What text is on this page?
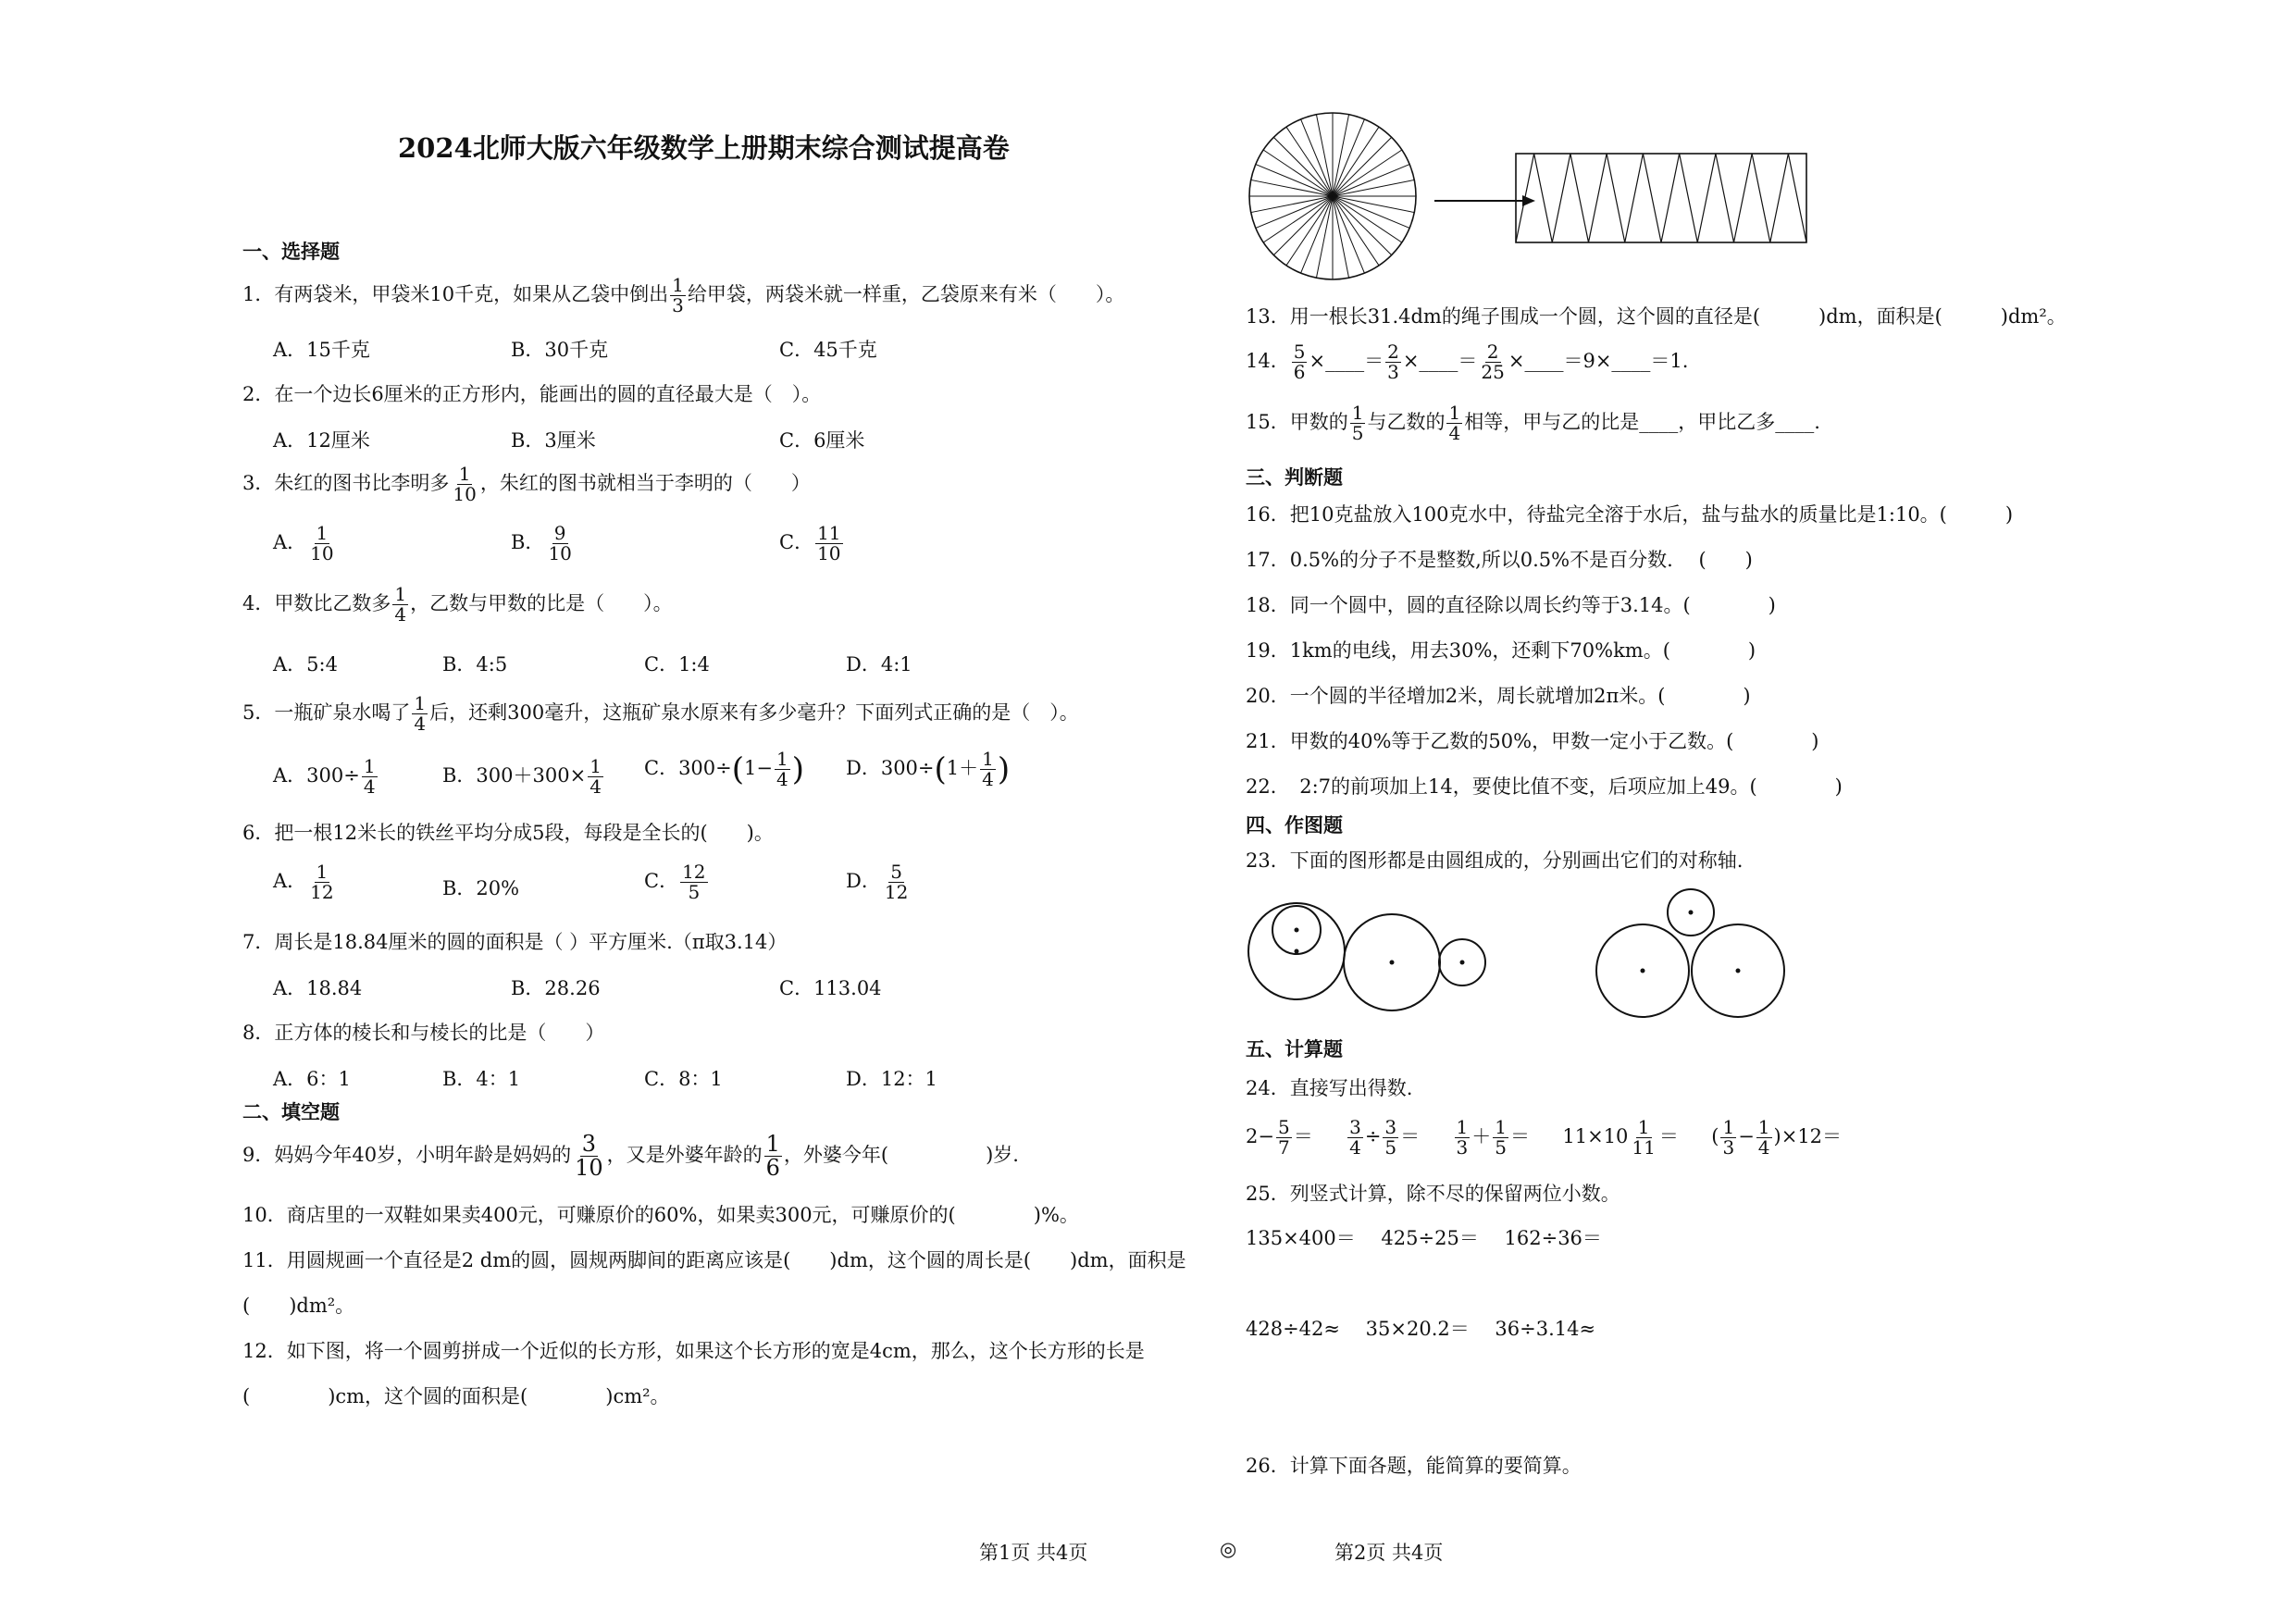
2024北师大版六年级数学上册期末综合测试提高卷
一、选择题
1．有两袋米，甲袋米10千克，如果从乙袋中倒出 $\frac{1}{3}$ 给甲袋，两袋米就一样重，乙袋原来有米（　　）。
A．15千克	B．30千克	C．45千克
2．在一个边长6厘米的正方形内，能画出的圆的直径最大是（　）。
A．12厘米	B．3厘米	C．6厘米
3．朱红的图书比李明多 $\frac{1}{10}$ ，朱红的图书就相当于李明的（　　）
A． $\frac{1}{10}$	B． $\frac{9}{10}$	C． $\frac{11}{10}$
4．甲数比乙数多 $\frac{1}{4}$ ，乙数与甲数的比是（　　）。
A．5:4	B．4:5	C．1:4	D．4:1
5．一瓶矿泉水喝了 $\frac{1}{4}$ 后，还剩300毫升，这瓶矿泉水原来有多少毫升？下面列式正确的是（　）。
A．$300\div \frac{1}{4}$	B．$300+300\times \frac{1}{4}$ C．$300\div(1- \frac{1}{4}$ ) D．$300\div(1+ \frac{1}{4}$ )
6．把一根12米长的铁丝平均分成5段，每段是全长的(　　)。
A． $\frac{1}{12}$	B．20%	C． $\frac{12}{5}$	D． $\frac{5}{12}$
7．周长是18.84厘米的圆的面积是（ ）平方厘米.（π取3.14）
A．18.84	B．28.26	C．113.04
8．正方体的棱长和与棱长的比是（　　）
A．6：1	B．4：1	C．8：1	D．12：1
二、填空题
9．妈妈今年40岁，小明年龄是妈妈的 $\frac{3}{10}$ ，又是外婆年龄的 $\frac{1}{6}$ ，外婆今年(　　　　　)岁.
10．商店里的一双鞋如果卖400元，可赚原价的60%，如果卖300元，可赚原价的(　　　　)%。
11．用圆规画一个直径是2 dm的圆，圆规两脚间的距离应该是(　　)dm，这个圆的周长是(　　)dm，面积是
(　　)dm²。
12．如下图，将一个圆剪拼成一个近似的长方形，如果这个长方形的宽是4cm，那么，这个长方形的长是
(　　　　)cm，这个圆的面积是(　　　　)cm²。
13．用一根长31.4dm的绳子围成一个圆，这个圆的直径是(　　　)dm，面积是(　　　)dm²。
14． $\frac{5}{6}$ ×____＝ $\frac{2}{3}$ ×____＝ $\frac{2}{25}$ ×____＝9×____＝1.
15．甲数的 $\frac{1}{5}$ 与乙数的 $\frac{1}{4}$ 相等，甲与乙的比是____，甲比乙多____.
三、判断题
16．把10克盐放入100克水中，待盐完全溶于水后，盐与盐水的质量比是1:10。(　　　)
17．0.5%的分子不是整数,所以0.5%不是百分数.　 (　　)
18．同一个圆中，圆的直径除以周长约等于3.14。(　　　　)
19．1km的电线，用去30%，还剩下70%km。(　　　　)
20．一个圆的半径增加2米，周长就增加2π米。(　　　　)
21．甲数的40%等于乙数的50%，甲数一定小于乙数。(　　　　)
22．　2:7的前项加上14，要使比值不变，后项应加上49。(　　　　)
四、作图题
23．下面的图形都是由圆组成的，分别画出它们的对称轴.
五、计算题
24．直接写出得数.
$2- \frac{5}{7} = \frac{3}{4} \div \frac{3}{5} = \frac{1}{3} + \frac{1}{5} = 11\times 10 \frac{1}{11}$ ＝ ( $\frac{1}{3} - \frac{1}{4} )\times 12=$
25．列竖式计算，除不尽的保留两位小数。
135×400＝　 425÷25＝　 162÷36＝
428÷42≈　 35×20.2＝　 36÷3.14≈
26．计算下面各题，能简算的要简算。
第1页 共4页	◎	第2页 共4页
